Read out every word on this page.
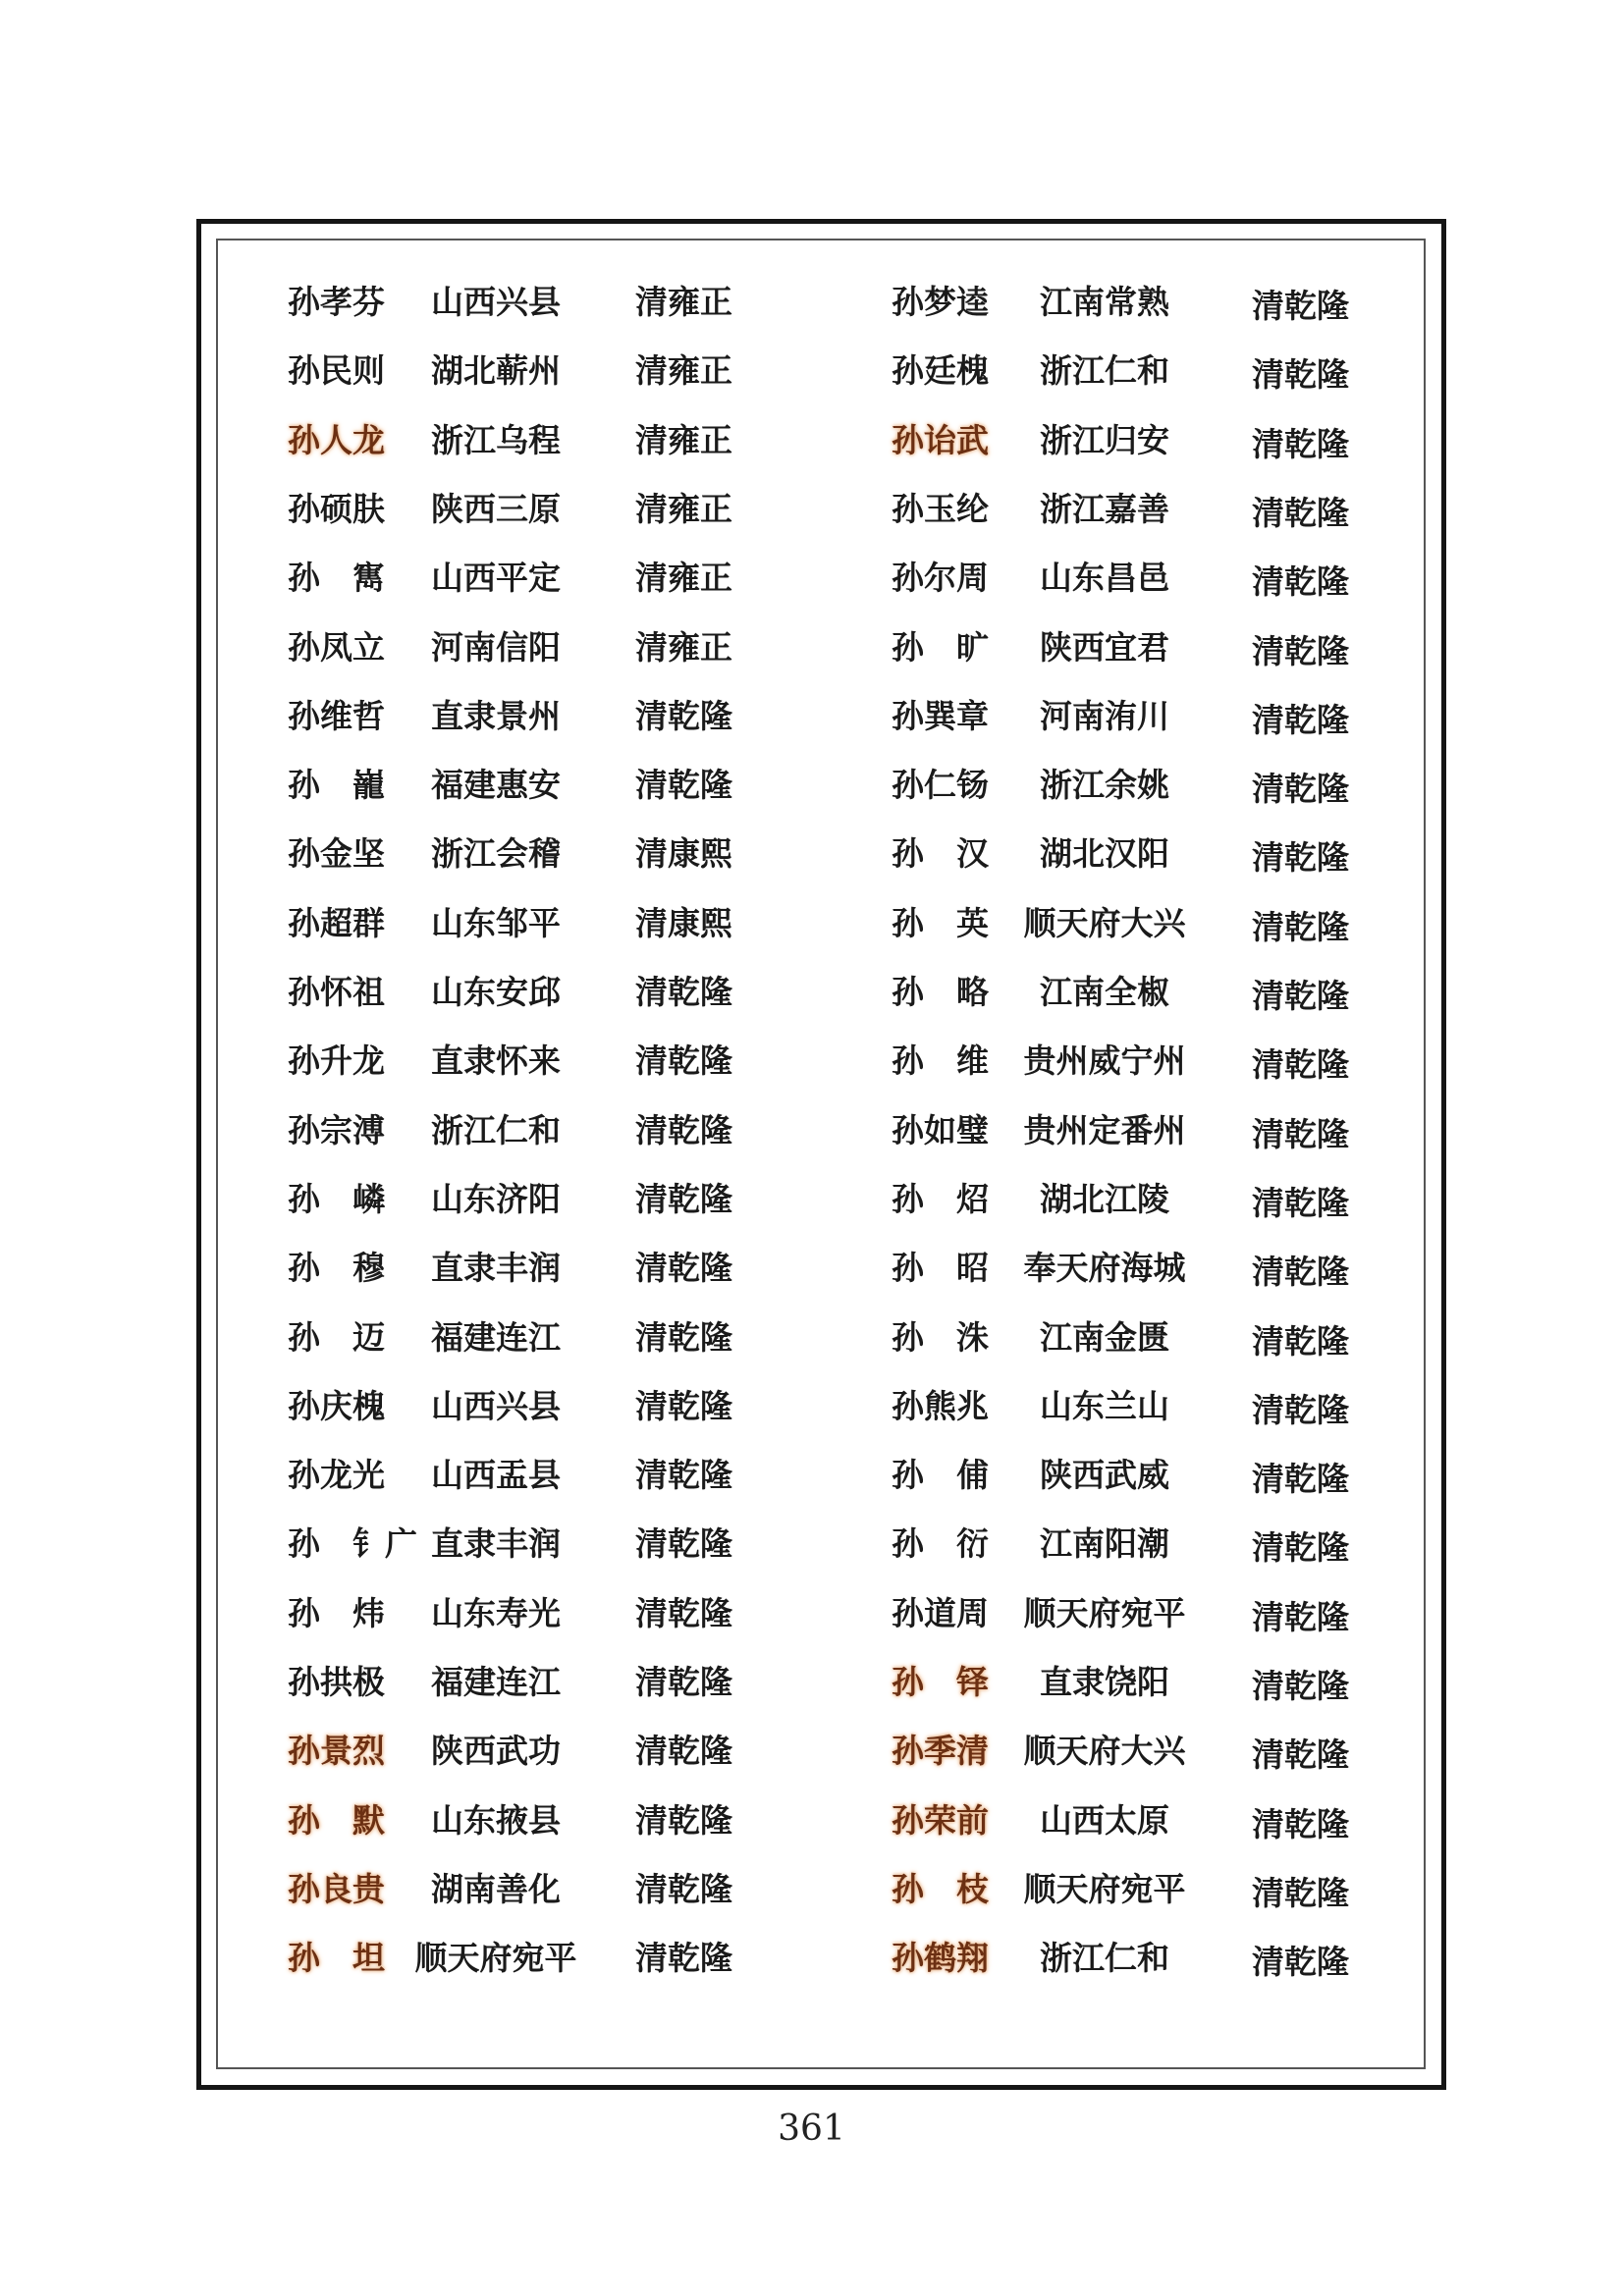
孙孝芬	山西兴县	清雍正
孙民则	湖北蕲州	清雍正
孙人龙	浙江乌程	清雍正
孙硕肤	陕西三原	清雍正
孙　寯	山西平定	清雍正
孙凤立	河南信阳	清雍正
孙维哲	直隶景州	清乾隆
孙　巃	福建惠安	清乾隆
孙金坚	浙江会稽	清康熙
孙超群	山东邹平	清康熙
孙怀祖	山东安邱	清乾隆
孙升龙	直隶怀来	清乾隆
孙宗溥	浙江仁和	清乾隆
孙　嶙	山东济阳	清乾隆
孙　穆	直隶丰润	清乾隆
孙　迈	福建连江	清乾隆
孙庆槐	山西兴县	清乾隆
孙龙光	山西盂县	清乾隆
孙　钅广 直隶丰润	清乾隆
孙　炜	山东寿光	清乾隆
孙拱极	福建连江	清乾隆
孙景烈	陕西武功	清乾隆
孙　默	山东掖县	清乾隆
孙良贵	湖南善化	清乾隆
孙　坦 顺天府宛平	清乾隆
孙梦逵	江南常熟	清乾隆
孙廷槐	浙江仁和	清乾隆
孙诒武	浙江归安	清乾隆
孙玉纶	浙江嘉善	清乾隆
孙尔周	山东昌邑	清乾隆
孙　旷	陕西宜君	清乾隆
孙巽章	河南洧川	清乾隆
孙仁钖	浙江余姚	清乾隆
孙　汉	湖北汉阳	清乾隆
孙　英	顺天府大兴	清乾隆
孙　略	江南全椒	清乾隆
孙　维	贵州威宁州	清乾隆
孙如璧	贵州定番州	清乾隆
孙　炤	湖北江陵	清乾隆
孙　昭	奉天府海城	清乾隆
孙　洙	江南金匮	清乾隆
孙熊兆	山东兰山	清乾隆
孙　俌	陕西武威	清乾隆
孙　衍	江南阳潮	清乾隆
孙道周	顺天府宛平	清乾隆
孙　铎	直隶饶阳	清乾隆
孙季清	顺天府大兴	清乾隆
孙荣前	山西太原	清乾隆
孙　枝	顺天府宛平	清乾隆
孙鹤翔	浙江仁和	清乾隆
361
